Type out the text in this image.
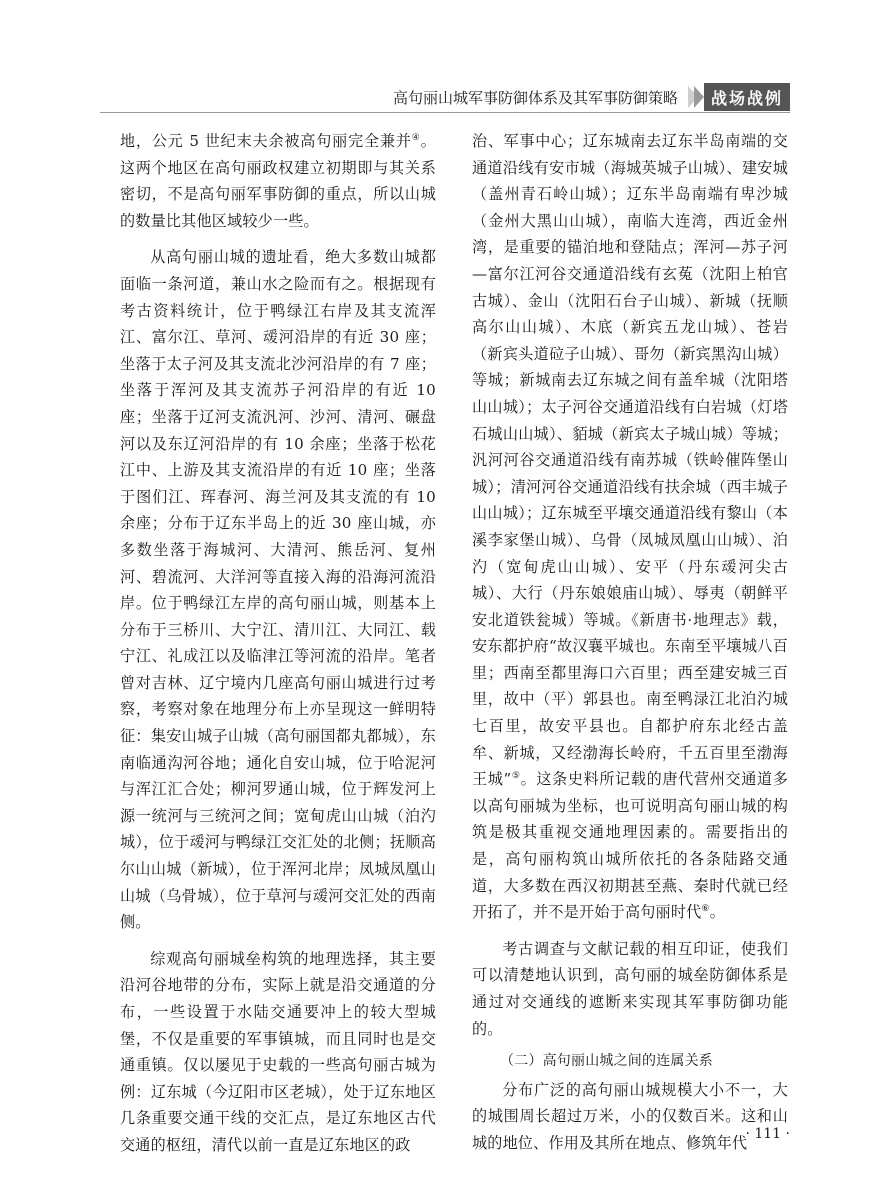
高句丽山城军事防御体系及其军事防御策略	战场战例

地，公元 5 世纪末夫余被高句丽完全兼并④。这两个地区在高句丽政权建立初期即与其关系密切，不是高句丽军事防御的重点，所以山城的数量比其他区域较少一些。

从高句丽山城的遗址看，绝大多数山城都面临一条河道，兼山水之险而有之。根据现有考古资料统计，位于鸭绿江右岸及其支流浑江、富尔江、草河、叆河沿岸的有近 30 座；坐落于太子河及其支流北沙河沿岸的有 7 座；坐落于浑河及其支流苏子河沿岸的有近 10 座；坐落于辽河支流汎河、沙河、清河、碾盘河以及东辽河沿岸的有 10 余座；坐落于松花江中、上游及其支流沿岸的有近 10 座；坐落于图们江、珲春河、海兰河及其支流的有 10 余座；分布于辽东半岛上的近 30 座山城，亦多数坐落于海城河、大清河、熊岳河、复州河、碧流河、大洋河等直接入海的沿海河流沿岸。位于鸭绿江左岸的高句丽山城，则基本上分布于三桥川、大宁江、清川江、大同江、载宁江、礼成江以及临津江等河流的沿岸。笔者曾对吉林、辽宁境内几座高句丽山城进行过考察，考察对象在地理分布上亦呈现这一鲜明特征：集安山城子山城（高句丽国都丸都城），东南临通沟河谷地；通化自安山城，位于哈泥河与浑江汇合处；柳河罗通山城，位于辉发河上源一统河与三统河之间；宽甸虎山山城（泊汋城），位于叆河与鸭绿江交汇处的北侧；抚顺高尔山山城（新城），位于浑河北岸；凤城凤凰山山城（乌骨城），位于草河与叆河交汇处的西南侧。

综观高句丽城垒构筑的地理选择，其主要沿河谷地带的分布，实际上就是沿交通道的分布，一些设置于水陆交通要冲上的较大型城堡，不仅是重要的军事镇城，而且同时也是交通重镇。仅以屡见于史载的一些高句丽古城为例：辽东城（今辽阳市区老城），处于辽东地区几条重要交通干线的交汇点，是辽东地区古代交通的枢纽，清代以前一直是辽东地区的政

治、军事中心；辽东城南去辽东半岛南端的交通道沿线有安市城（海城英城子山城）、建安城（盖州青石岭山城）；辽东半岛南端有卑沙城（金州大黑山山城），南临大连湾，西近金州湾，是重要的锚泊地和登陆点；浑河—苏子河—富尔江河谷交通道沿线有玄菟（沈阳上柏官古城）、金山（沈阳石台子山城）、新城（抚顺高尔山山城）、木底（新宾五龙山城）、苍岩（新宾头道砬子山城）、哥勿（新宾黑沟山城）等城；新城南去辽东城之间有盖牟城（沈阳塔山山城）；太子河谷交通道沿线有白岩城（灯塔石城山山城）、貊城（新宾太子城山城）等城；汎河河谷交通道沿线有南苏城（铁岭催阵堡山城）；清河河谷交通道沿线有扶余城（西丰城子山山城）；辽东城至平壤交通道沿线有黎山（本溪李家堡山城）、乌骨（凤城凤凰山山城）、泊汋（宽甸虎山山城）、安平（丹东叆河尖古城）、大行（丹东娘娘庙山城）、辱夷（朝鲜平安北道铁瓮城）等城。《新唐书·地理志》载，安东都护府“故汉襄平城也。东南至平壤城八百里；西南至都里海口六百里；西至建安城三百里，故中（平）郭县也。南至鸭渌江北泊汋城七百里，故安平县也。自都护府东北经古盖牟、新城，又经渤海长岭府，千五百里至渤海王城”⑤。这条史料所记载的唐代营州交通道多以高句丽城为坐标，也可说明高句丽山城的构筑是极其重视交通地理因素的。需要指出的是，高句丽构筑山城所依托的各条陆路交通道，大多数在西汉初期甚至燕、秦时代就已经开拓了，并不是开始于高句丽时代⑥。

考古调查与文献记载的相互印证，使我们可以清楚地认识到，高句丽的城垒防御体系是通过对交通线的遮断来实现其军事防御功能的。

（二）高句丽山城之间的连属关系

分布广泛的高句丽山城规模大小不一，大的城围周长超过万米，小的仅数百米。这和山城的地位、作用及其所在地点、修筑年代

· 111 ·
